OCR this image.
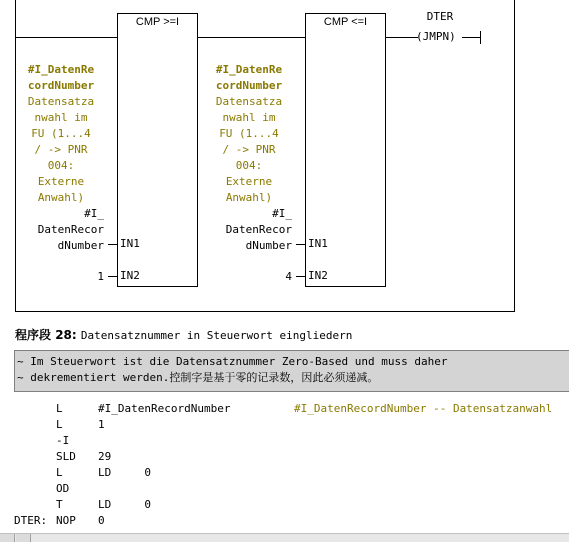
CMP >=I
IN1
IN2
#I_DatenRe
cordNumber
Datensatza
nwahl im
FU (1...4
/ -> PNR
004:
Externe
Anwahl)
#I_
DatenRecor
dNumber
1
CMP <=I
IN1
IN2
#I_DatenRe
cordNumber
Datensatza
nwahl im
FU (1...4
/ -> PNR
004:
Externe
Anwahl)
#I_
DatenRecor
dNumber
4
DTER
(JMPN)
程序段 28: Datensatznummer in Steuerwort eingliedern
~ Im Steuerwort ist die Datensatznummer Zero-Based und muss daher
~ dekrementiert werden.控制字是基于零的记录数，因此必须递减。
	L	#I_DatenRecordNumber	#I_DatenRecordNumber -- Datensatzanwahl
	L	1	
	-I		
	SLD	29	
	L	LD     0	
	OD		
	T	LD     0	
DTER:	NOP	0	
